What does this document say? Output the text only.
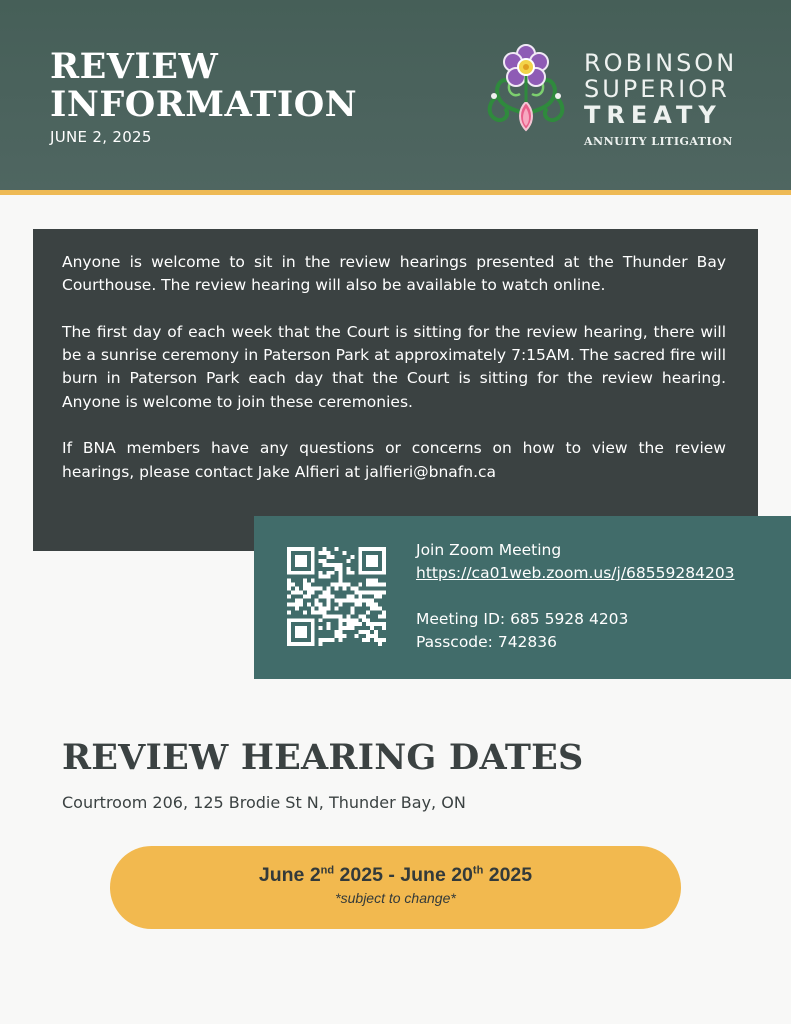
REVIEW
INFORMATION
JUNE 2, 2025
ROBINSON
SUPERIOR
TREATY
ANNUITY LITIGATION

Anyone is welcome to sit in the review hearings presented at the Thunder Bay Courthouse. The review hearing will also be available to watch online.

The first day of each week that the Court is sitting for the review hearing, there will be a sunrise ceremony in Paterson Park at approximately 7:15AM. The sacred fire will burn in Paterson Park each day that the Court is sitting for the review hearing. Anyone is welcome to join these ceremonies.

If BNA members have any questions or concerns on how to view the review hearings, please contact Jake Alfieri at jalfieri@bnafn.ca

Join Zoom Meeting
https://ca01web.zoom.us/j/68559284203
Meeting ID: 685 5928 4203
Passcode: 742836
REVIEW HEARING DATES
Courtroom 206, 125 Brodie St N, Thunder Bay, ON
June 2nd 2025 - June 20th 2025
*subject to change*
